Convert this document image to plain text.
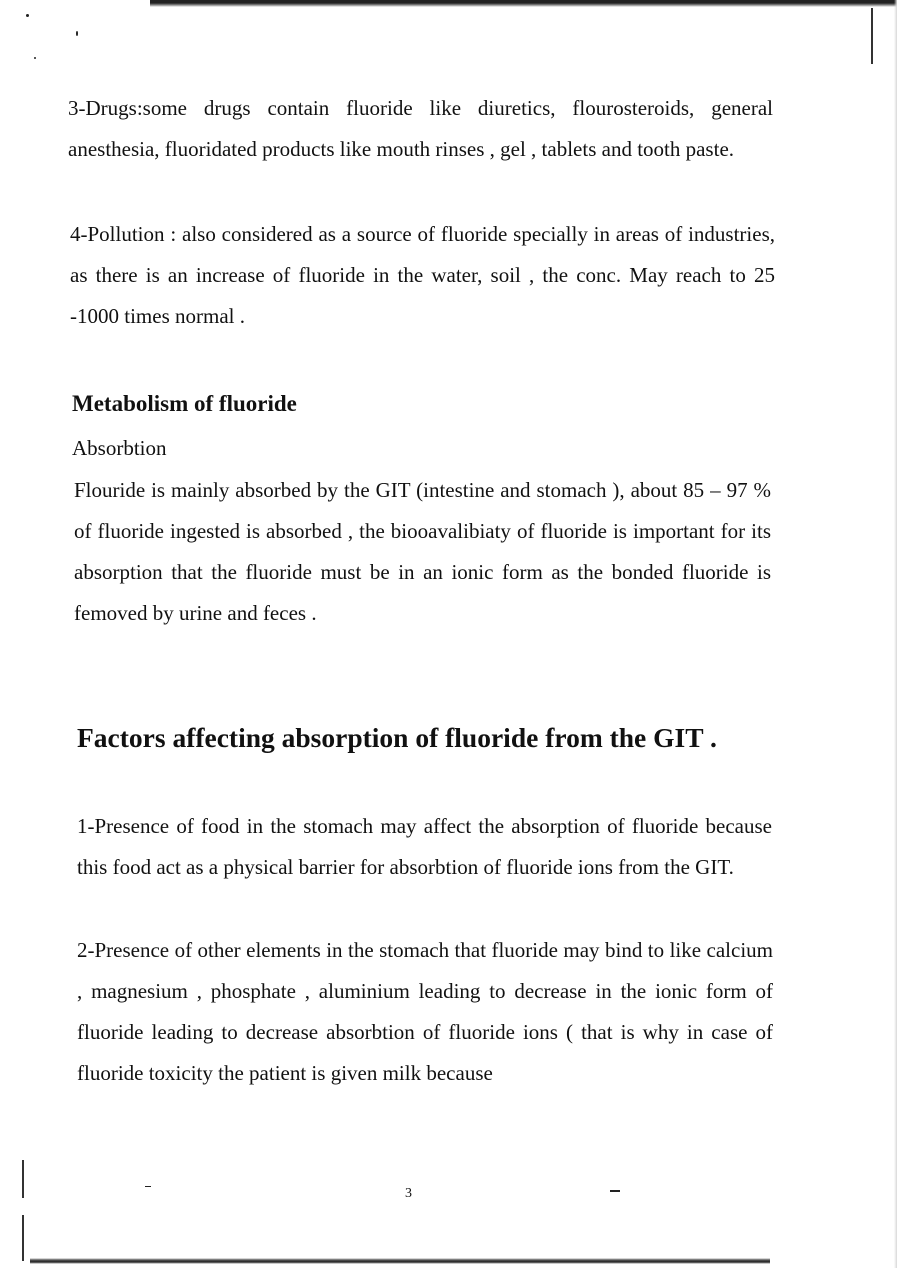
3-Drugs:some drugs contain fluoride like diuretics, flourosteroids, general anesthesia, fluoridated products like mouth rinses , gel , tablets and tooth paste.

4-Pollution : also considered as a source of fluoride specially in areas of industries, as there is an increase of fluoride in the water, soil , the conc. May reach to 25 -1000 times normal .

Metabolism of fluoride
Absorbtion

Flouride is mainly absorbed by the GIT (intestine and stomach ), about 85 – 97 % of fluoride ingested is absorbed , the biooavalibiaty of fluoride is important for its absorption that the fluoride must be in an ionic form as the bonded fluoride is femoved by urine and feces .

Factors affecting absorption of fluoride from the GIT .

1-Presence of food in the stomach may affect the absorption of fluoride because this food act as a physical barrier for absorbtion of fluoride ions from the GIT.

2-Presence of other elements in the stomach that fluoride may bind to like calcium , magnesium , phosphate , aluminium leading to decrease in the ionic form of fluoride leading to decrease absorbtion of fluoride ions ( that is why in case of fluoride toxicity the patient is given milk because

3
